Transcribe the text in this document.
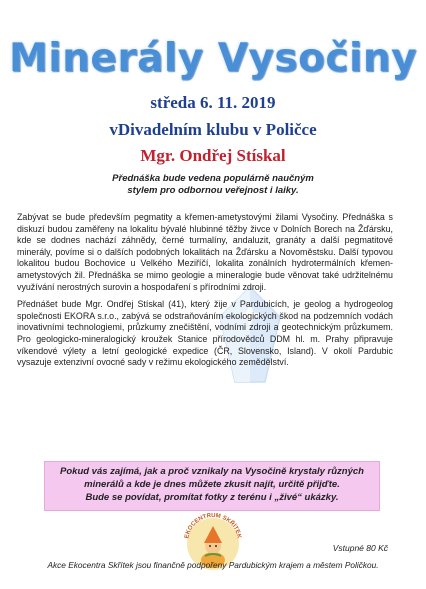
Minerály Vysočiny
středa 6. 11. 2019
vDivadelním klubu v Poličce
Mgr. Ondřej Stískal
Přednáška bude vedena populárně naučným stylem pro odbornou veřejnost i laiky.

Zabývat se bude především pegmatity a křemen-ametystovými žilami Vysočiny. Přednáška s diskuzí budou zaměřeny na lokalitu bývalé hlubinné těžby živce v Dolních Borech na Žďársku, kde se dodnes nachází záhnědy, černé turmalíny, andaluzit, granáty a další pegmatitové minerály, povíme si o dalších podobných lokalitách na Žďársku a Novoměstsku. Další typovou lokalitou budou Bochovice u Velkého Meziříčí, lokalita zonálních hydrotermálních křemen-ametystových žil. Přednáška se mimo geologie a mineralogie bude věnovat také udržitelnému využívání nerostných surovin a hospodaření s přírodními zdroji.

Přednášet bude Mgr. Ondřej Stískal (41), který žije v Pardubicích, je geolog a hydrogeolog společnosti EKORA s.r.o., zabývá se odstraňováním ekologických škod na podzemních vodách inovativními technologiemi, průzkumy znečištění, vodními zdroji a geotechnickým průzkumem. Pro geologicko-mineralogický kroužek Stanice přírodovědců DDM hl. m. Prahy připravuje víkendové výlety a letní geologické expedice (ČR, Slovensko, Island). V okolí Pardubic vysazuje extenzivní ovocné sady v režimu ekologického zemědělství.

Pokud vás zajímá, jak a proč vznikaly na Vysočině krystaly různých
minerálů a kde je dnes můžete zkusit najít, určitě přijďte.
Bude se povídat, promítat fotky z terénu i „živé“ ukázky.
EKOCENTRUM SKŘÍTEK
Vstupné 80 Kč
Akce Ekocentra Skřítek jsou finančně podpořeny Pardubickým krajem a městem Poličkou.
